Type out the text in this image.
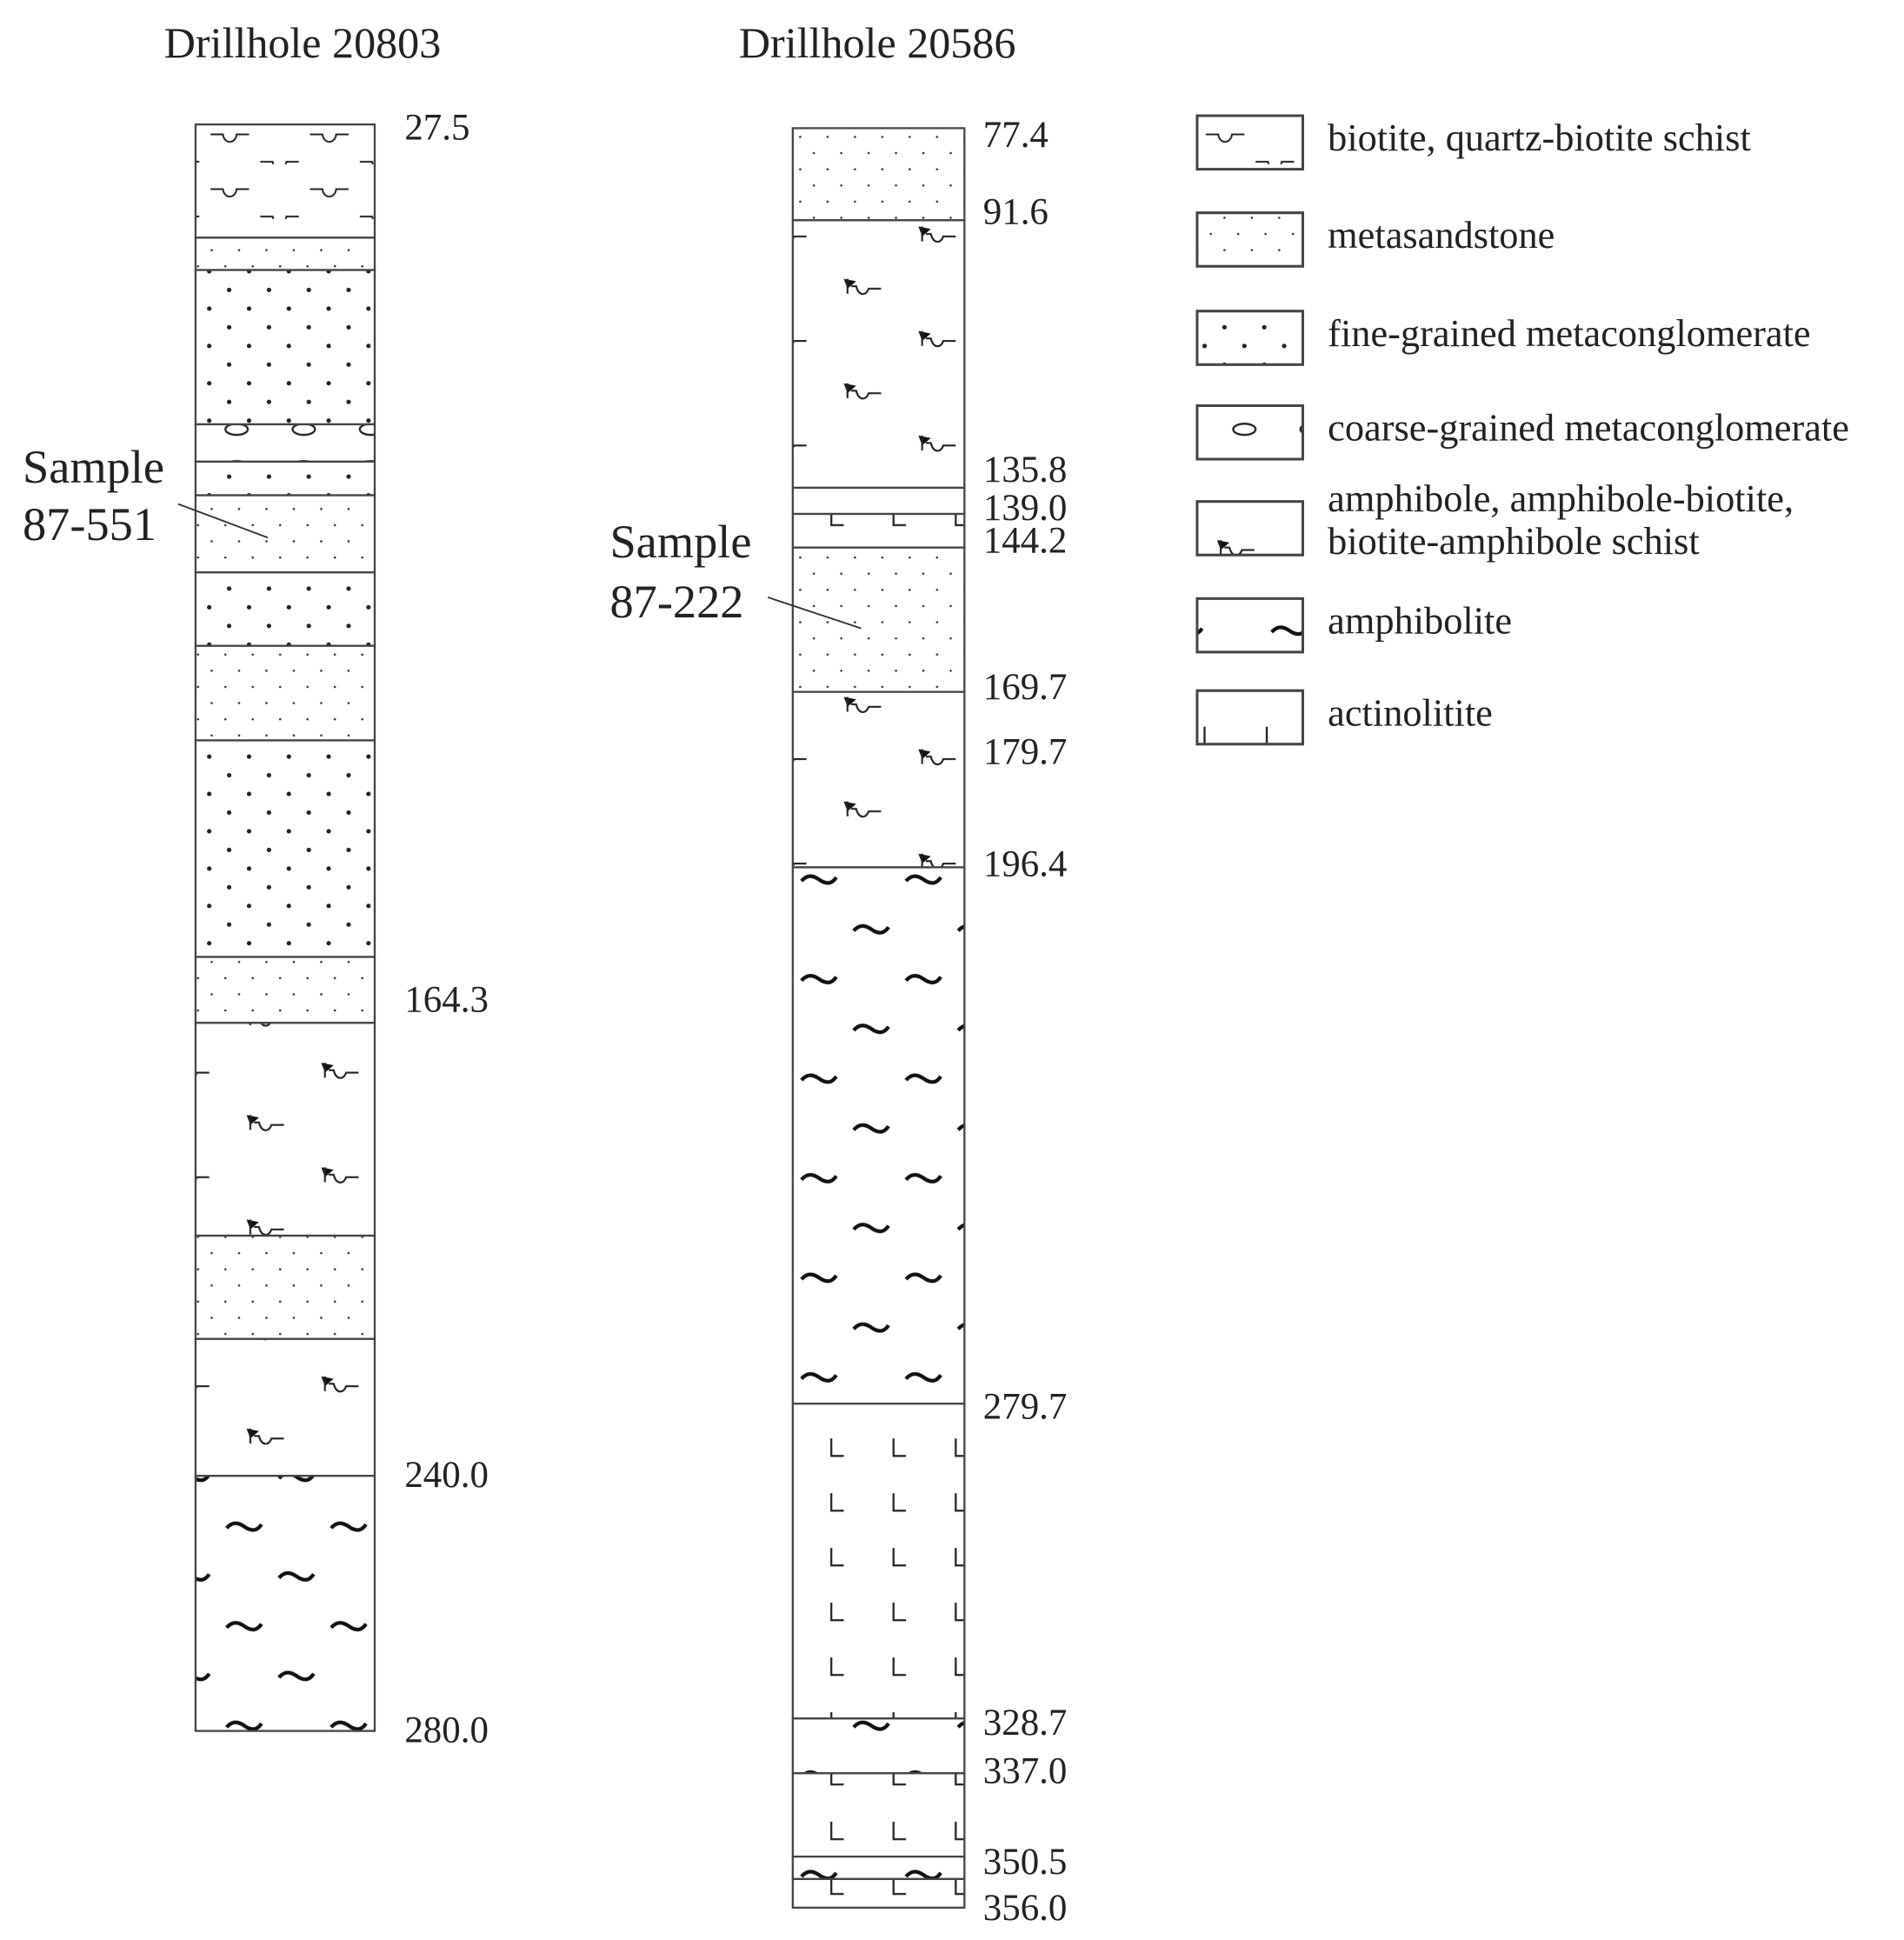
Drillhole 20803	Drillhole 20586
27.5
164.3
240.0
280.0
Sample
87-551
77.4
91.6
135.8
139.0
144.2
169.7
179.7
196.4
279.7
328.7
337.0
350.5
356.0
Sample
87-222
biotite, quartz-biotite schist
metasandstone
fine-grained metaconglomerate
coarse-grained metaconglomerate
amphibole, amphibole-biotite,
biotite-amphibole schist
amphibolite
actinolitite
